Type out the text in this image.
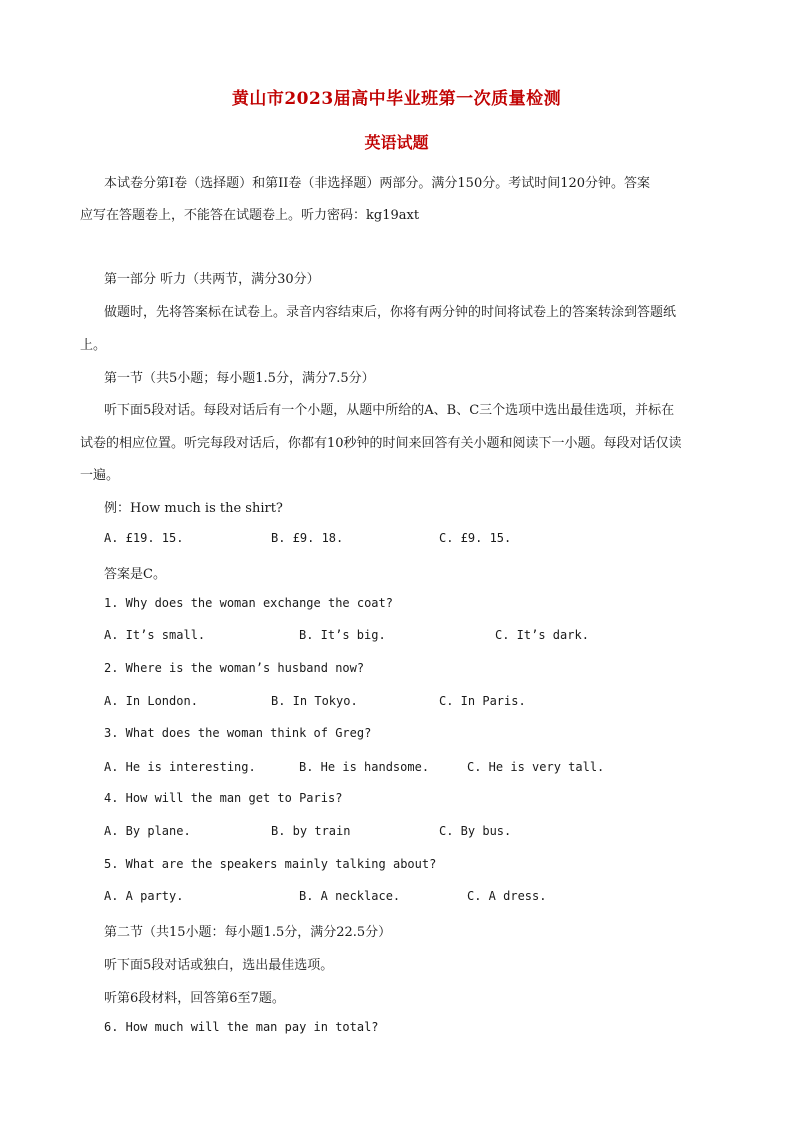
黄山市2023届高中毕业班第一次质量检测
英语试题
本试卷分第Ⅰ卷（选择题）和第II卷（非选择题）两部分。满分150分。考试时间120分钟。答案
应写在答题卷上，不能答在试题卷上。听力密码：kg19axt
第一部分 听力（共两节，满分30分）
做题时，先将答案标在试卷上。录音内容结束后，你将有两分钟的时间将试卷上的答案转涂到答题纸
上。
第一节（共5小题；每小题1.5分，满分7.5分）
听下面5段对话。每段对话后有一个小题，从题中所给的A、B、C三个选项中选出最佳选项，并标在
试卷的相应位置。听完每段对话后，你都有10秒钟的时间来回答有关小题和阅读下一小题。每段对话仅读
一遍。
例：How much is the shirt?
A. £19. 15.	B. £9. 18.	C. £9. 15.
答案是C。
1. Why does the woman exchange the coat?
A. It’s small.	B. It’s big.	C. It’s dark.
2. Where is the woman’s husband now?
A. In London.	B. In Tokyo.	C. In Paris.
3. What does the woman think of Greg?
A. He is interesting.	B. He is handsome.	C. He is very tall.
4. How will the man get to Paris?
A. By plane.	B. by train	C. By bus.
5. What are the speakers mainly talking about?
A. A party.	B. A necklace.	C. A dress.
第二节（共15小题：每小题1.5分，满分22.5分）
听下面5段对话或独白，选出最佳选项。
听第6段材料，回答第6至7题。
6. How much will the man pay in total?
